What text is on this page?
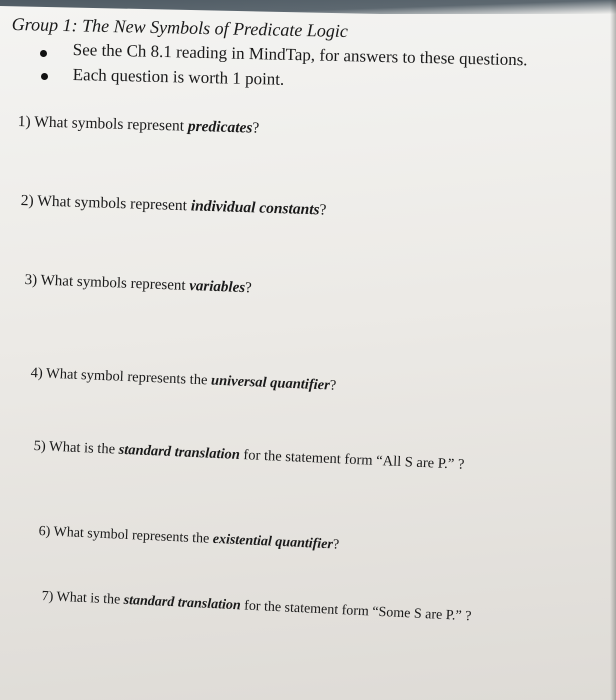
Group 1: The New Symbols of Predicate Logic
See the Ch 8.1 reading in MindTap, for answers to these questions.
Each question is worth 1 point.
1) What symbols represent predicates?
2) What symbols represent individual constants?
3) What symbols represent variables?
4) What symbol represents the universal quantifier?
5) What is the standard translation for the statement form “All S are P.” ?
6) What symbol represents the existential quantifier?
7) What is the standard translation for the statement form “Some S are P.” ?
